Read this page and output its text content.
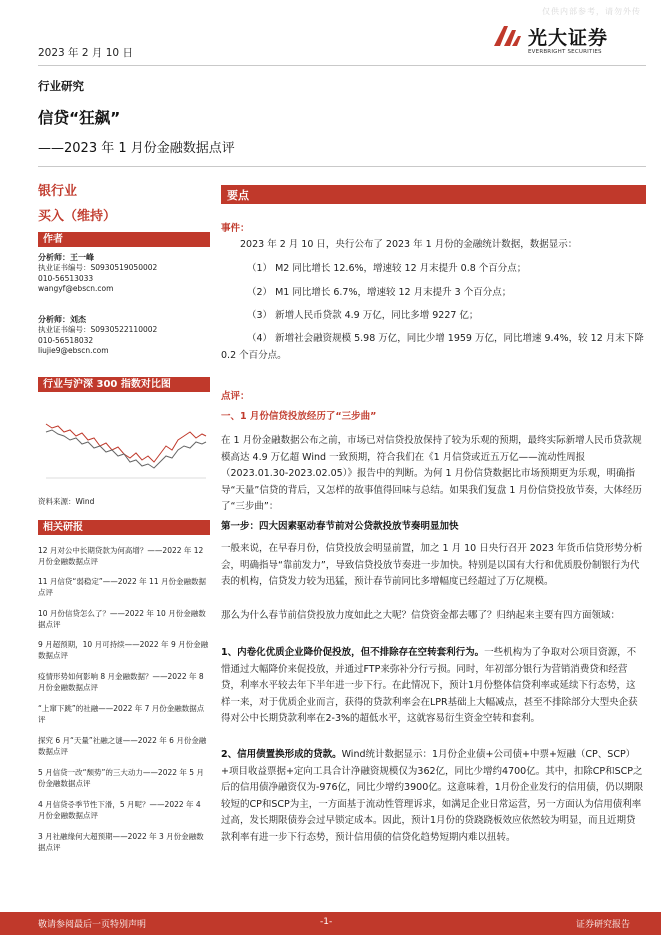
仅供内部参考，请勿外传
光大证券
EVERBRIGHT SECURITIES
2023 年 2 月 10 日
行业研究
信贷“狂飙”
——2023 年 1 月份金融数据点评
银行业
买入（维持）
作者
分析师：王一峰
执业证书编号：S0930519050002
010-56513033
wangyf@ebscn.com
分析师：刘杰
执业证书编号：S0930522110002
010-56518032
liujie9@ebscn.com
行业与沪深 300 指数对比图
资料来源：Wind
相关研报
12 月对公中长期贷款为何高增？——2022 年 12 月份金融数据点评
11 月信贷“弱稳定”——2022 年 11 月份金融数据点评
10 月份信贷怎么了？——2022 年 10 月份金融数据点评
9 月超预期，10 月可持续——2022 年 9 月份金融数据点评
疫情形势如何影响 8 月金融数据？——2022 年 8 月份金融数据点评
“上窜下跳”的社融——2022 年 7 月份金融数据点评
探究 6 月“天量”社融之谜——2022 年 6 月份金融数据点评
5 月信贷一改“颓势”的三大动力——2022 年 5 月份金融数据点评
4 月信贷증季节性下滑，5 月呢？——2022 年 4 月份金融数据点评
3 月社融缘何大超预期——2022 年 3 月份金融数据点评
要点
事件：
2023 年 2 月 10 日，央行公布了 2023 年 1 月份的金融统计数据，数据显示：
（1） M2 同比增长 12.6%，增速较 12 月末提升 0.8 个百分点；
（2） M1 同比增长 6.7%，增速较 12 月末提升 3 个百分点；
（3） 新增人民币贷款 4.9 万亿，同比多增 9227 亿；
（4） 新增社会融资规模 5.98 万亿，同比少增 1959 万亿，同比增速 9.4%，较 12 月末下降 0.2 个百分点。
点评：
一、1 月份信贷投放经历了“三步曲”
在 1 月份金融数据公布之前，市场已对信贷投放保持了较为乐观的预期，最终实际新增人民币贷款规模高达 4.9 万亿超 Wind 一致预期，符合我们在《1 月信贷或近五万亿——流动性周报（2023.01.30-2023.02.05）》报告中的判断。为何 1 月份信贷数据比市场预期更为乐观，明确指导“天量”信贷的背后，又怎样的故事值得回味与总结。如果我们复盘 1 月份信贷投放节奏，大体经历了“三步曲”：
第一步：四大因素驱动春节前对公贷款投放节奏明显加快
一般来说，在早春月份，信贷投放会明显前置，加之 1 月 10 日央行召开 2023 年货币信贷形势分析会，明确指导“靠前发力”，导致信贷投放节奏进一步加快。特别是以国有大行和优质股份制银行为代表的机构，信贷发力较为迅猛，预计春节前同比多增幅度已经超过了万亿规模。
那么为什么春节前信贷投放力度如此之大呢？信贷资金都去哪了？归纳起来主要有四方面领域：
1、内卷化优质企业降价促投放，但不排除存在空转套利行为。一些机构为了争取对公项目资源，不惜通过大幅降价来促投放，并通过FTP来弥补分行亏损。同时，年初部分银行为营销消费贷和经营贷，利率水平较去年下半年进一步下行。在此情况下，预计1月份整体信贷利率或延续下行态势，这样一来，对于优质企业而言，获得的贷款利率会在LPR基础上大幅减点，甚至不排除部分大型央企获得对公中长期贷款利率在2-3%的超低水平，这就容易衍生资金空转和套利。
2、信用债置换形成的贷款。Wind统计数据显示：1月份企业债+公司债+中票+短融（CP、SCP）+项目收益票据+定向工具合计净融资规模仅为362亿，同比少增约4700亿。其中，扣除CP和SCP之后的信用债净融资仅为-976亿，同比少增约3900亿。这意味着，1月份企业发行的信用债，仍以期限较短的CP和SCP为主，一方面基于流动性管理诉求，如满足企业日常运营，另一方面认为信用债利率过高，发长期限债券会过早锁定成本。因此，预计1月份的贷跷跷板效应依然较为明显，而且近期贷款利率有进一步下行态势，预计信用债的信贷化趋势短期内难以扭转。
敬请参阅最后一页特别声明	-1-	证券研究报告
